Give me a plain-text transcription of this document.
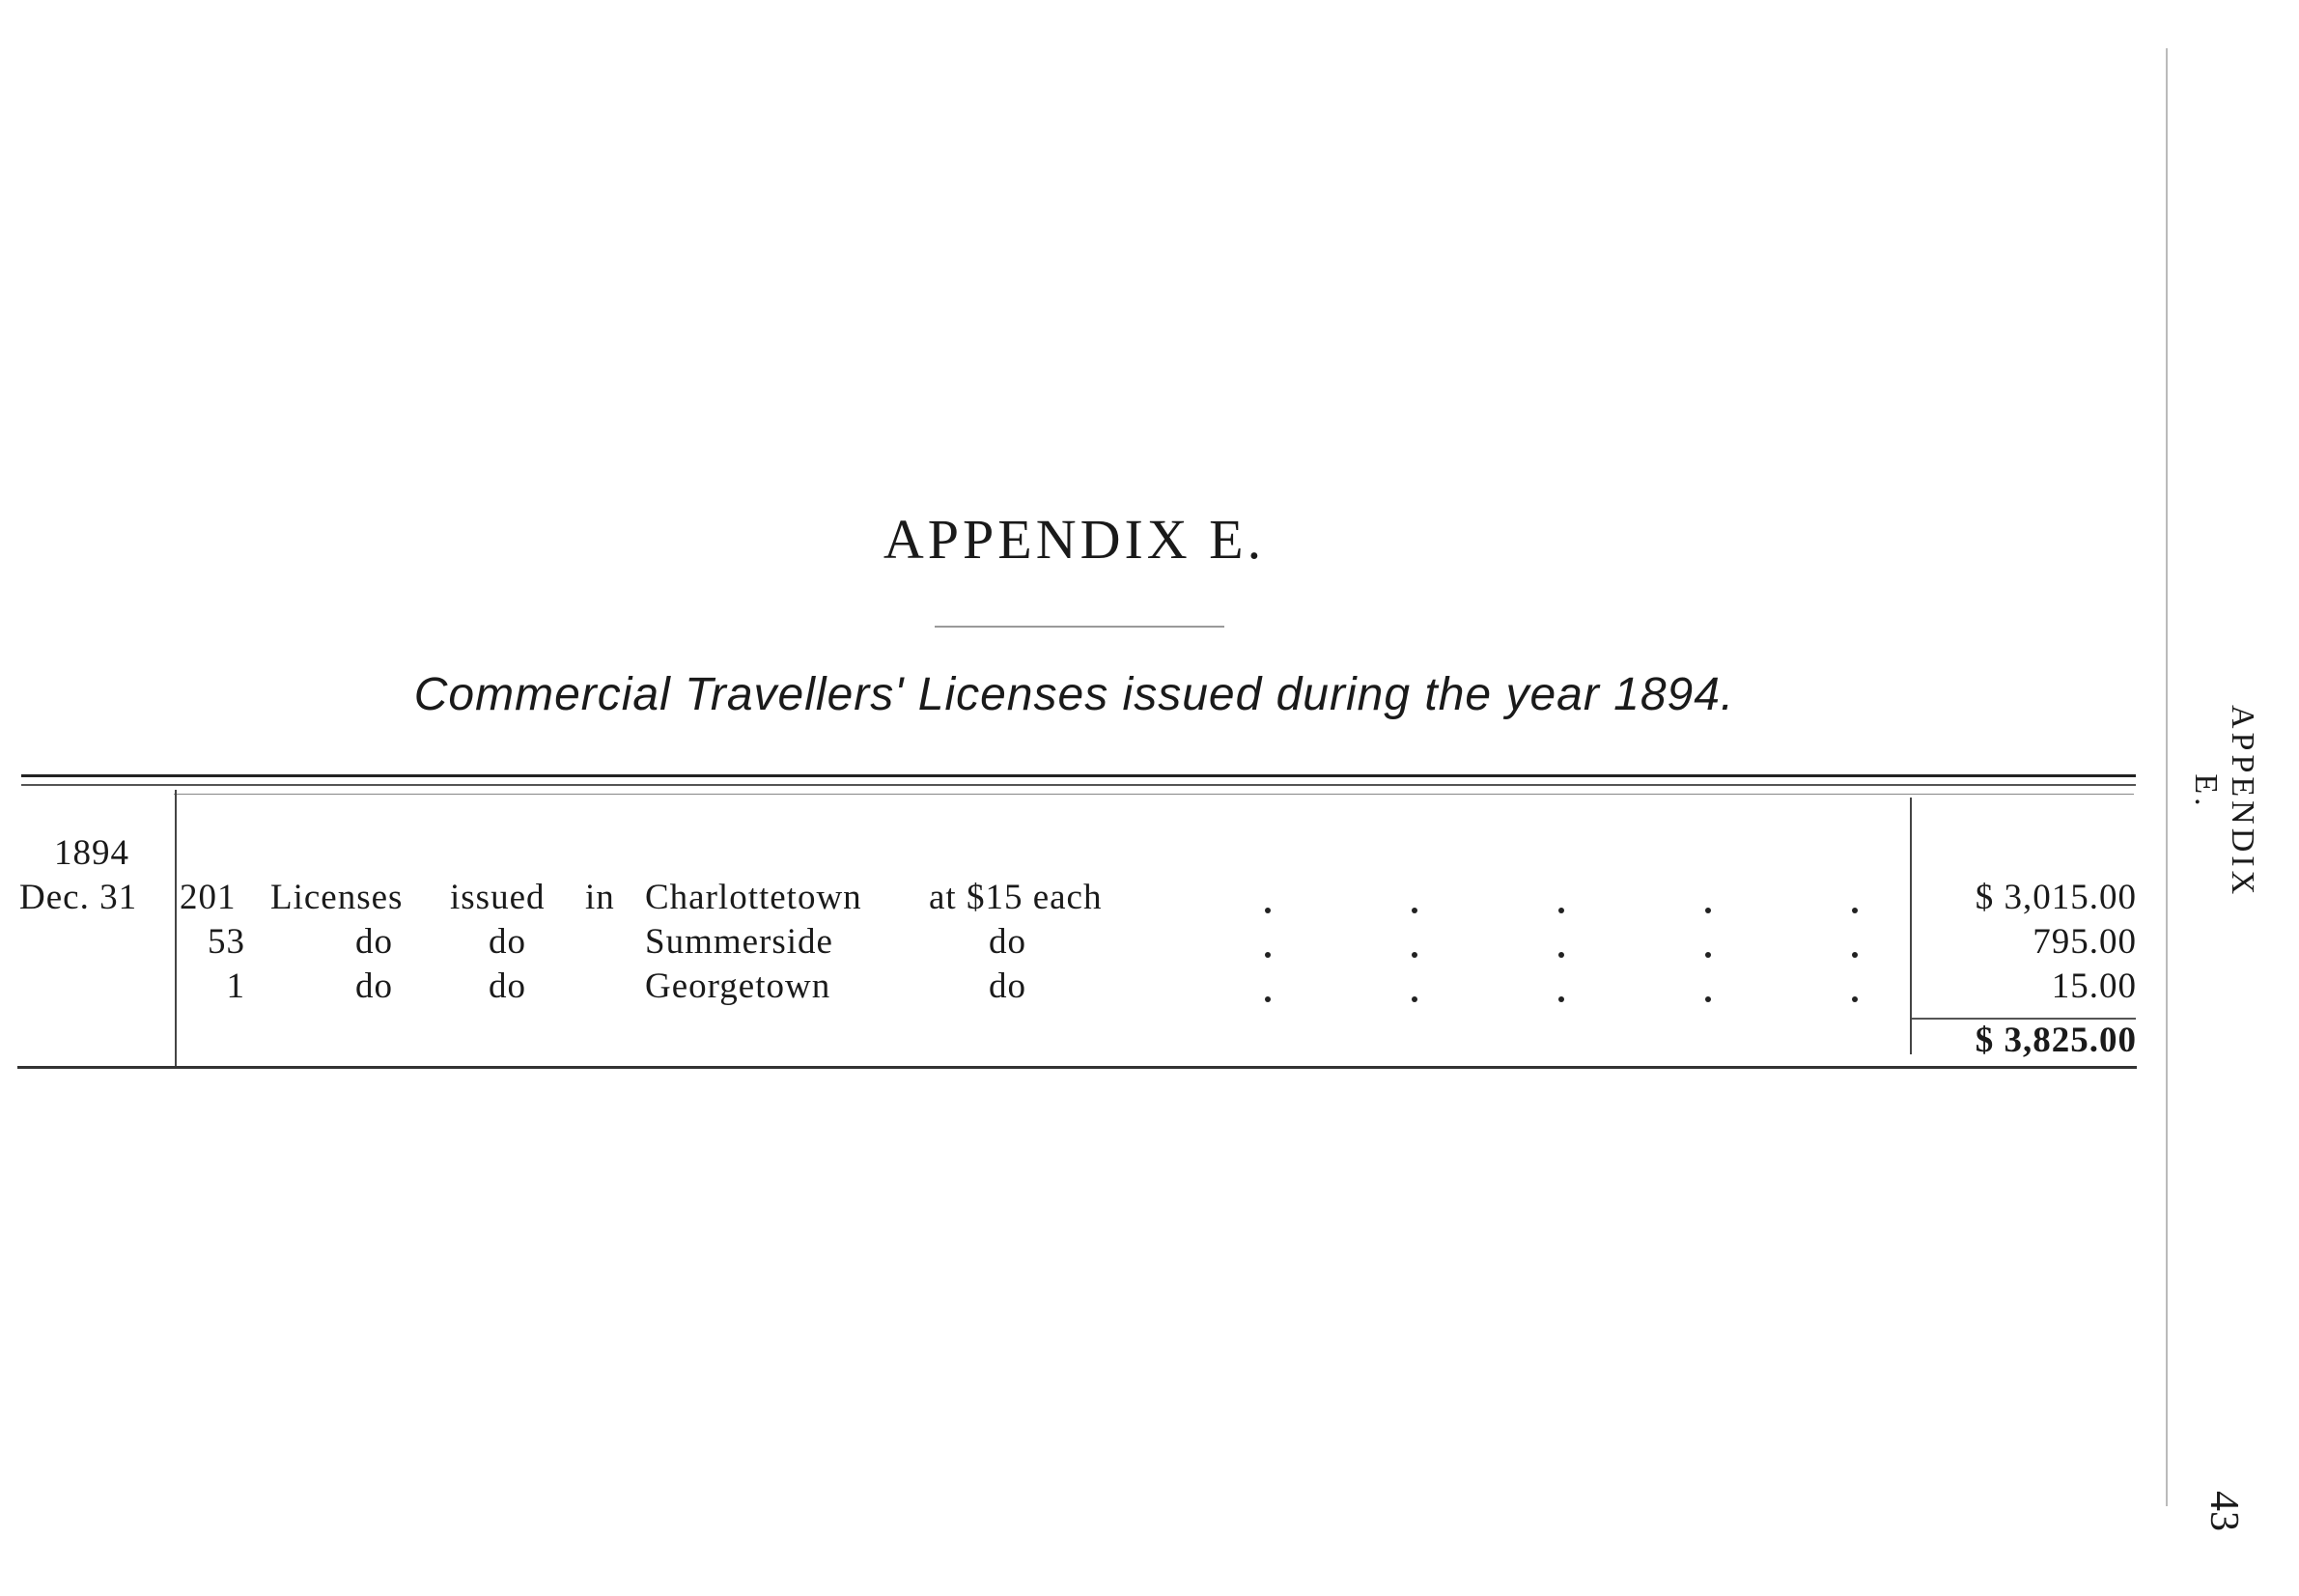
APPENDIX E.
Commercial Travellers' Licenses issued during the year 1894.
1894
Dec. 31 201 Licenses issued in Charlottetown at $15 each	$ 3,015.00
53	do	do	Summerside	do	795.00
1	do	do	Georgetown	do	15.00
$ 3,825.00
APPENDIX E.
43
